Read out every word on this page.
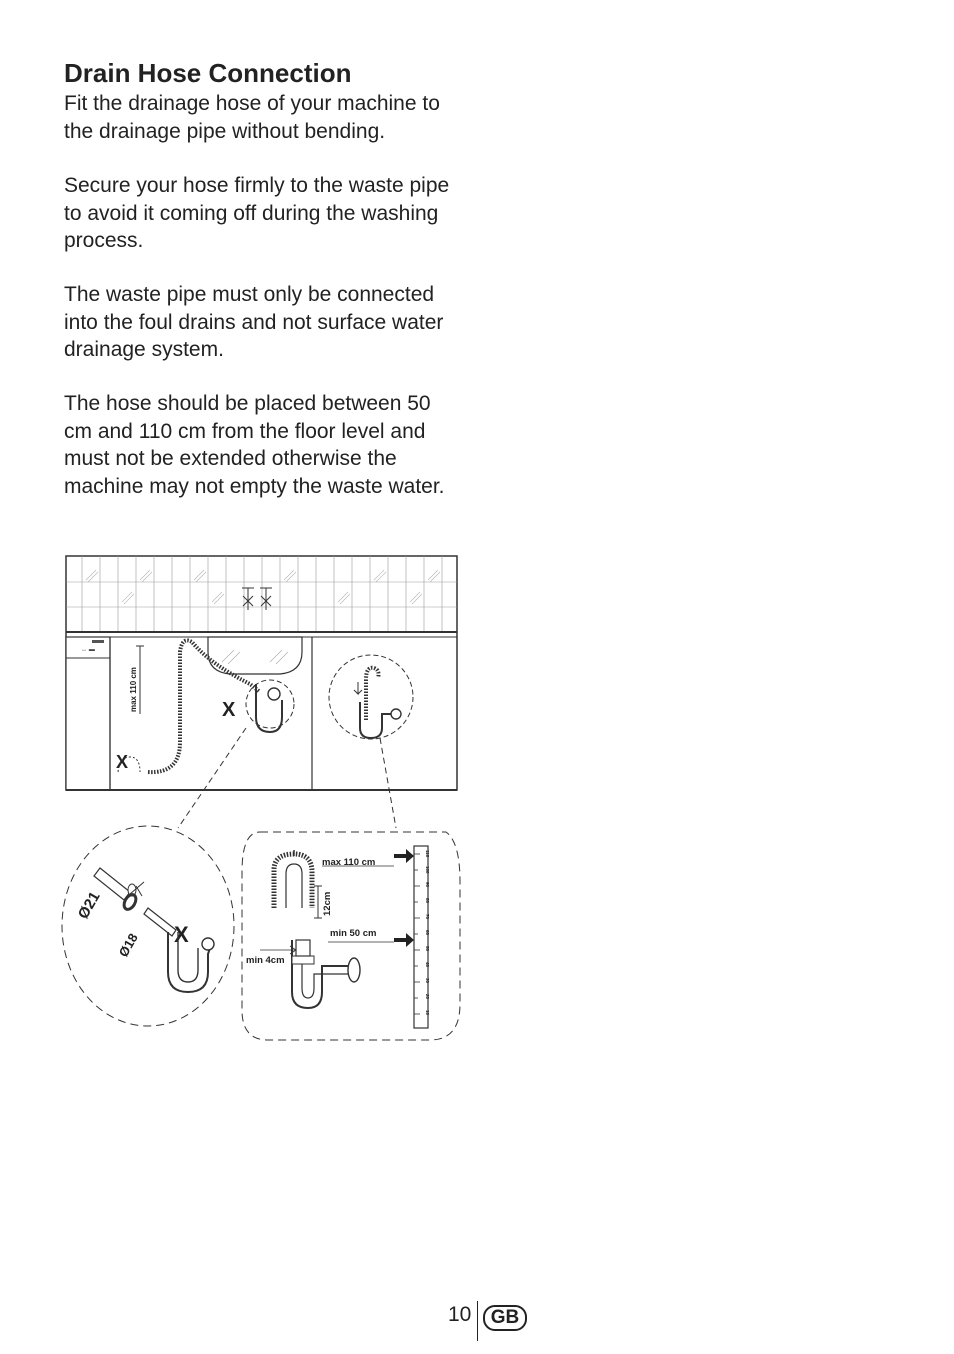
Drain Hose Connection

Fit the drainage hose of your machine to the drainage pipe without bending.

Secure your hose firmly to the waste pipe to avoid it coming off during the washing process.

The waste pipe must only be connected into the foul drains and not surface water drainage system.

The hose should be placed between 50 cm and 110 cm from the floor level and must not be extended otherwise the machine may not empty the waste water.

↔ ▬
max 110 cm	X
X
Ø21
Ø18 X
110
100
90
80
70
60
50
40
30
20
10
max 110 cm
min 50 cm
12cm
min 4cm
10	GB
